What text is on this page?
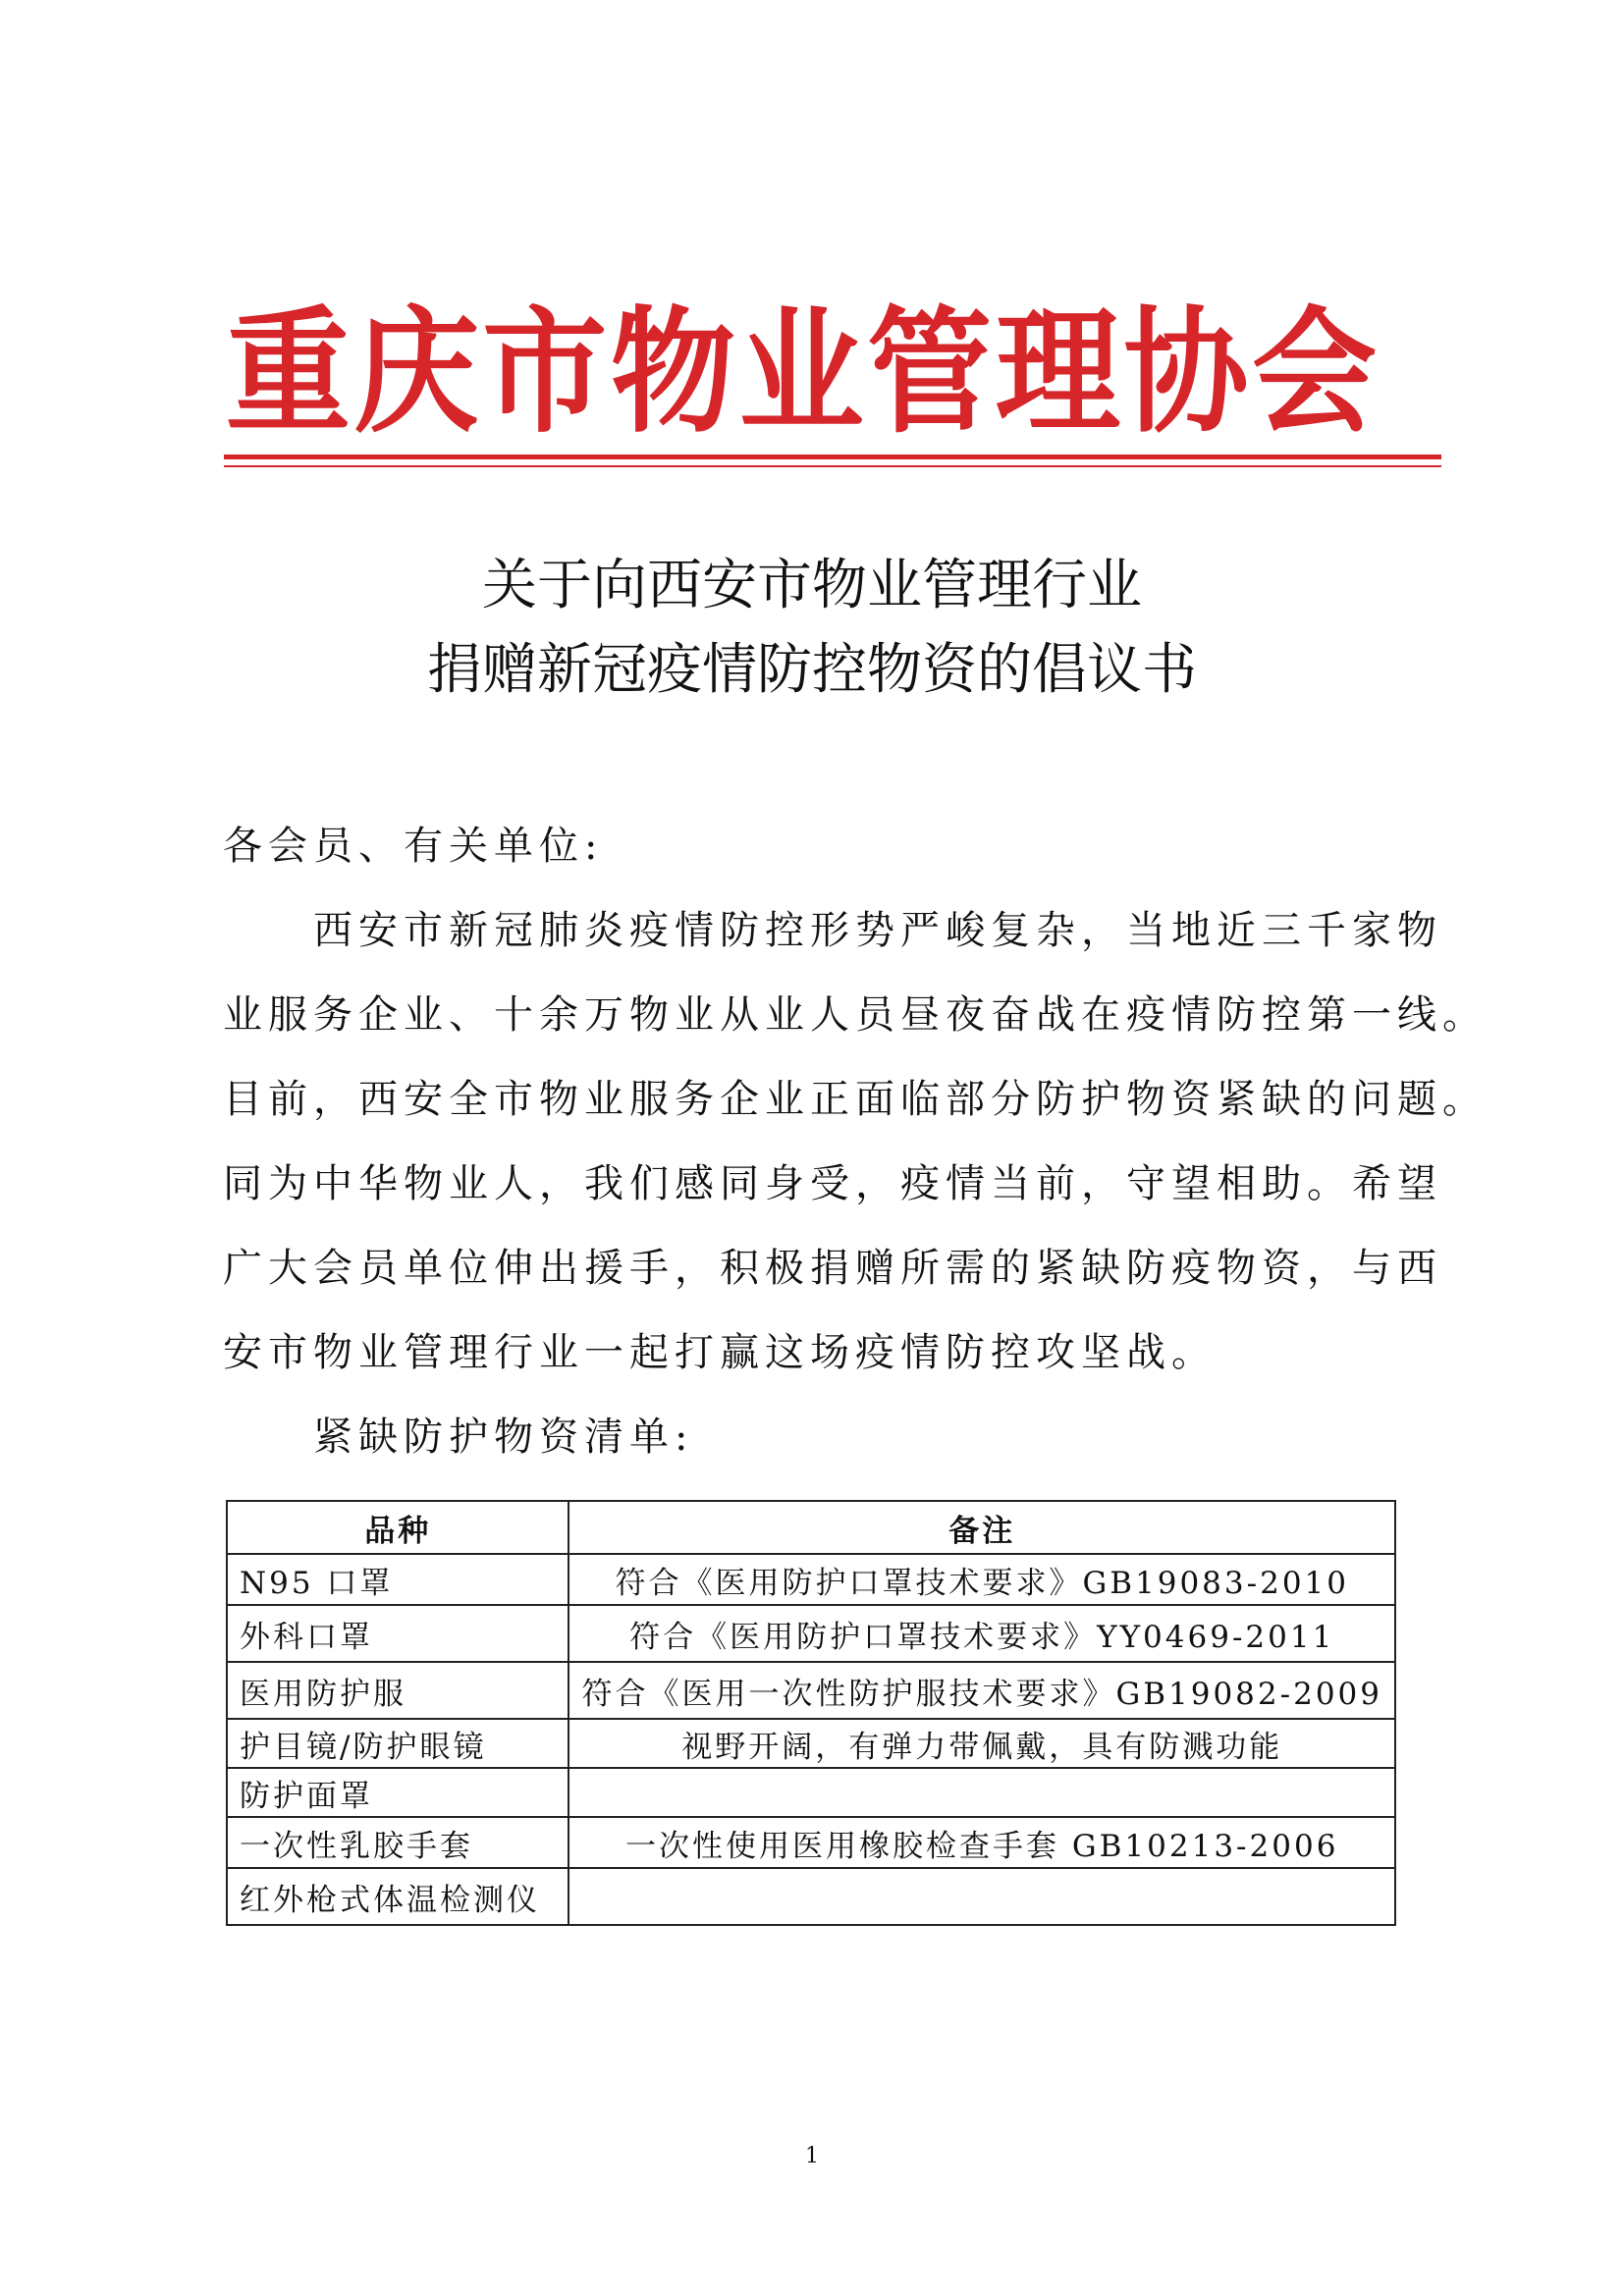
重庆市物业管理协会
关于向西安市物业管理行业
捐赠新冠疫情防控物资的倡议书
各会员、有关单位:
　　西安市新冠肺炎疫情防控形势严峻复杂，当地近三千家物
业服务企业、十余万物业从业人员昼夜奋战在疫情防控第一线。
目前，西安全市物业服务企业正面临部分防护物资紧缺的问题。
同为中华物业人，我们感同身受，疫情当前，守望相助。希望
广大会员单位伸出援手，积极捐赠所需的紧缺防疫物资，与西
安市物业管理行业一起打赢这场疫情防控攻坚战。
　　紧缺防护物资清单:
品种	备注
N95 口罩	符合《医用防护口罩技术要求》GB19083-2010
外科口罩	符合《医用防护口罩技术要求》YY0469-2011
医用防护服	符合《医用一次性防护服技术要求》GB19082-2009
护目镜/防护眼镜	视野开阔，有弹力带佩戴，具有防溅功能
防护面罩	
一次性乳胶手套	一次性使用医用橡胶检查手套 GB10213-2006
红外枪式体温检测仪	
1
